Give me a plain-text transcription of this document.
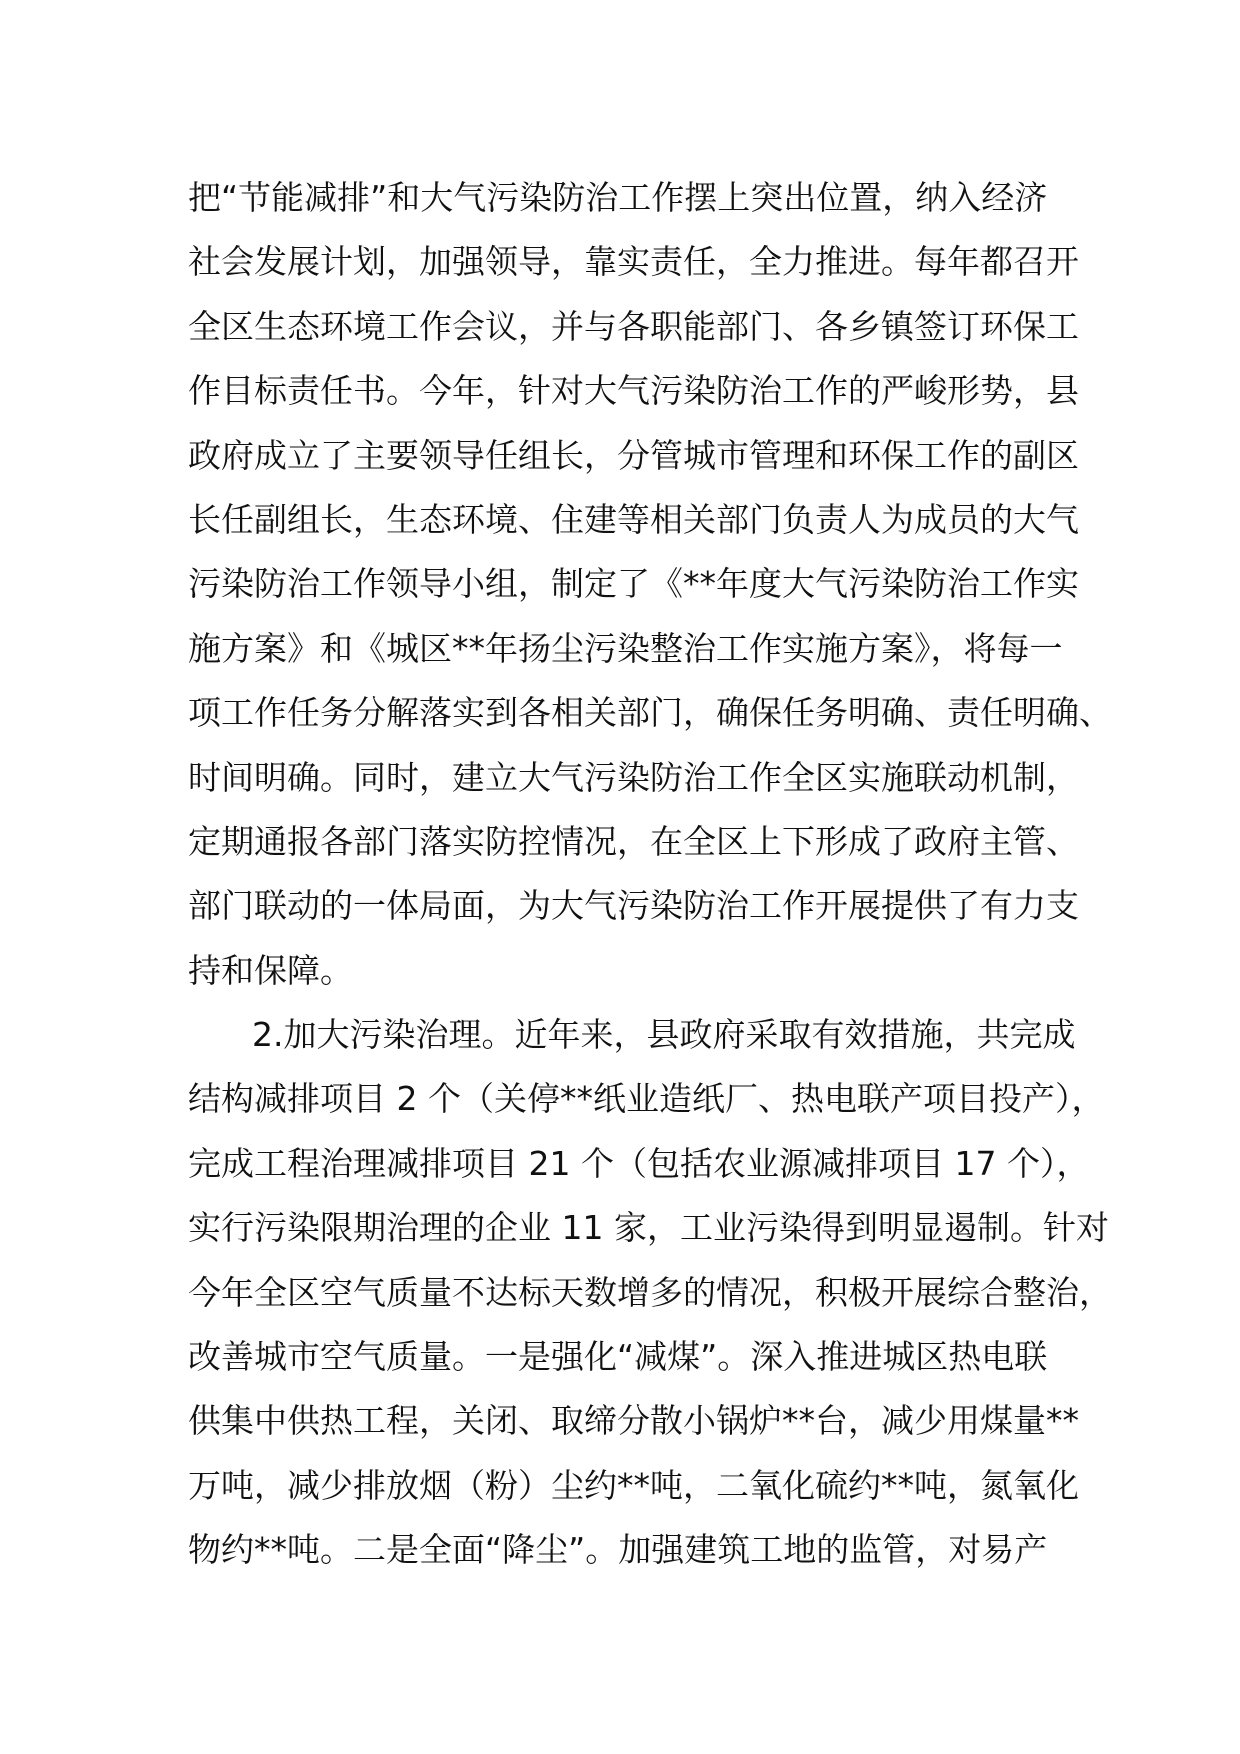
把“节能减排”和大气污染防治工作摆上突出位置，纳入经济
社会发展计划，加强领导，靠实责任，全力推进。每年都召开
全区生态环境工作会议，并与各职能部门、各乡镇签订环保工
作目标责任书。今年，针对大气污染防治工作的严峻形势，县
政府成立了主要领导任组长，分管城市管理和环保工作的副区
长任副组长，生态环境、住建等相关部门负责人为成员的大气
污染防治工作领导小组，制定了《**年度大气污染防治工作实
施方案》和《城区**年扬尘污染整治工作实施方案》，将每一
项工作任务分解落实到各相关部门，确保任务明确、责任明确、
时间明确。同时，建立大气污染防治工作全区实施联动机制，
定期通报各部门落实防控情况，在全区上下形成了政府主管、
部门联动的一体局面，为大气污染防治工作开展提供了有力支
持和保障。
2.加大污染治理。近年来，县政府采取有效措施，共完成
结构减排项目 2 个（关停**纸业造纸厂、热电联产项目投产），
完成工程治理减排项目 21 个（包括农业源减排项目 17 个），
实行污染限期治理的企业 11 家，工业污染得到明显遏制。针对
今年全区空气质量不达标天数增多的情况，积极开展综合整治，
改善城市空气质量。一是强化“减煤”。深入推进城区热电联
供集中供热工程，关闭、取缔分散小锅炉**台，减少用煤量**
万吨，减少排放烟（粉）尘约**吨，二氧化硫约**吨，氮氧化
物约**吨。二是全面“降尘”。加强建筑工地的监管，对易产
